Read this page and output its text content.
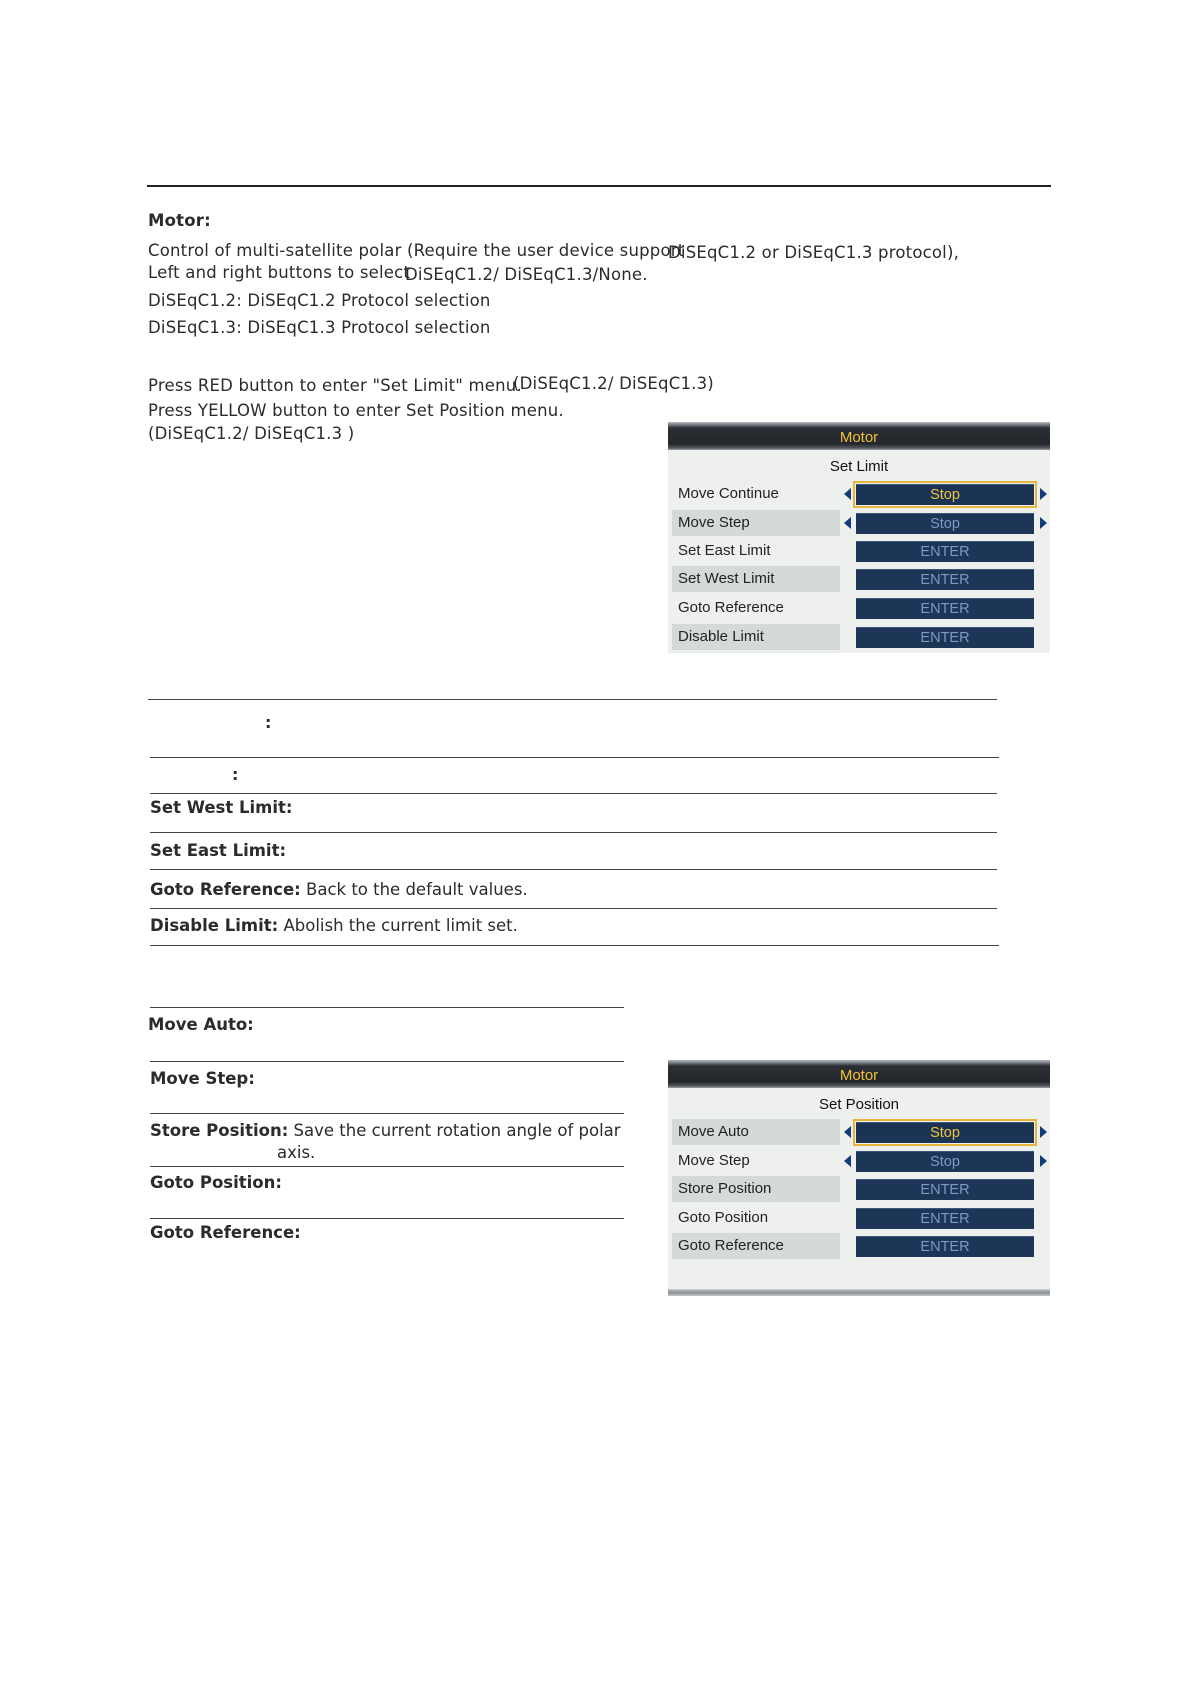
Motor:
Control of multi-satellite polar (Require the user device support
DiSEqC1.2 or DiSEqC1.3 protocol),
Left and right buttons to select
DiSEqC1.2/ DiSEqC1.3/None.
DiSEqC1.2: DiSEqC1.2 Protocol selection
DiSEqC1.3: DiSEqC1.3 Protocol selection
Press RED button to enter "Set Limit" menu.
(DiSEqC1.2/ DiSEqC1.3)
Press YELLOW button to enter Set Position menu.
(DiSEqC1.2/ DiSEqC1.3 )	Motor
Set Limit
Move Continue	Stop
Move Step	Stop
Set East Limit	ENTER
Set West Limit	ENTER
Goto Reference	ENTER
Disable Limit	ENTER
:
:
Set West Limit:
Set East Limit:
Goto Reference: Back to the default values.
Disable Limit: Abolish the current limit set.
Move Auto:
Move Step:
Store Position: Save the current rotation angle of polar
axis.
Goto Position:
Goto Reference:
Motor
Set Position
Move Auto	Stop
Move Step	Stop
Store Position	ENTER
Goto Position	ENTER
Goto Reference	ENTER
